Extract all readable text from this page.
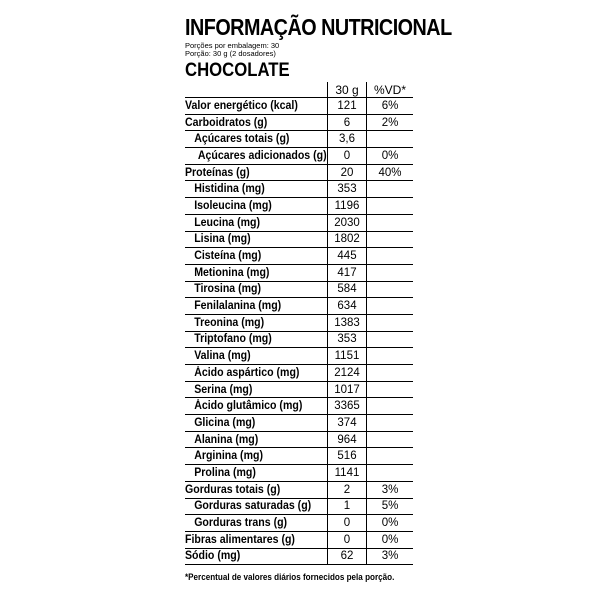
INFORMAÇÃO NUTRICIONAL
Porções por embalagem: 30
Porção: 30 g (2 dosadores)
CHOCOLATE
	30 g	%VD*
Valor energético (kcal)	121	6%
Carboidratos (g)	6	2%
Açúcares totais (g)	3,6	
Açúcares adicionados (g)	0	0%
Proteínas (g)	20	40%
Histidina (mg)	353	
Isoleucina (mg)	1196	
Leucina (mg)	2030	
Lisina (mg)	1802	
Cisteína (mg)	445	
Metionina (mg)	417	
Tirosina (mg)	584	
Fenilalanina (mg)	634	
Treonina (mg)	1383	
Triptofano (mg)	353	
Valina (mg)	1151	
Ácido aspártico (mg)	2124	
Serina (mg)	1017	
Ácido glutâmico (mg)	3365	
Glicina (mg)	374	
Alanina (mg)	964	
Arginina (mg)	516	
Prolina (mg)	1141	
Gorduras totais (g)	2	3%
Gorduras saturadas (g)	1	5%
Gorduras trans (g)	0	0%
Fibras alimentares (g)	0	0%
Sódio (mg)	62	3%
*Percentual de valores diários fornecidos pela porção.
